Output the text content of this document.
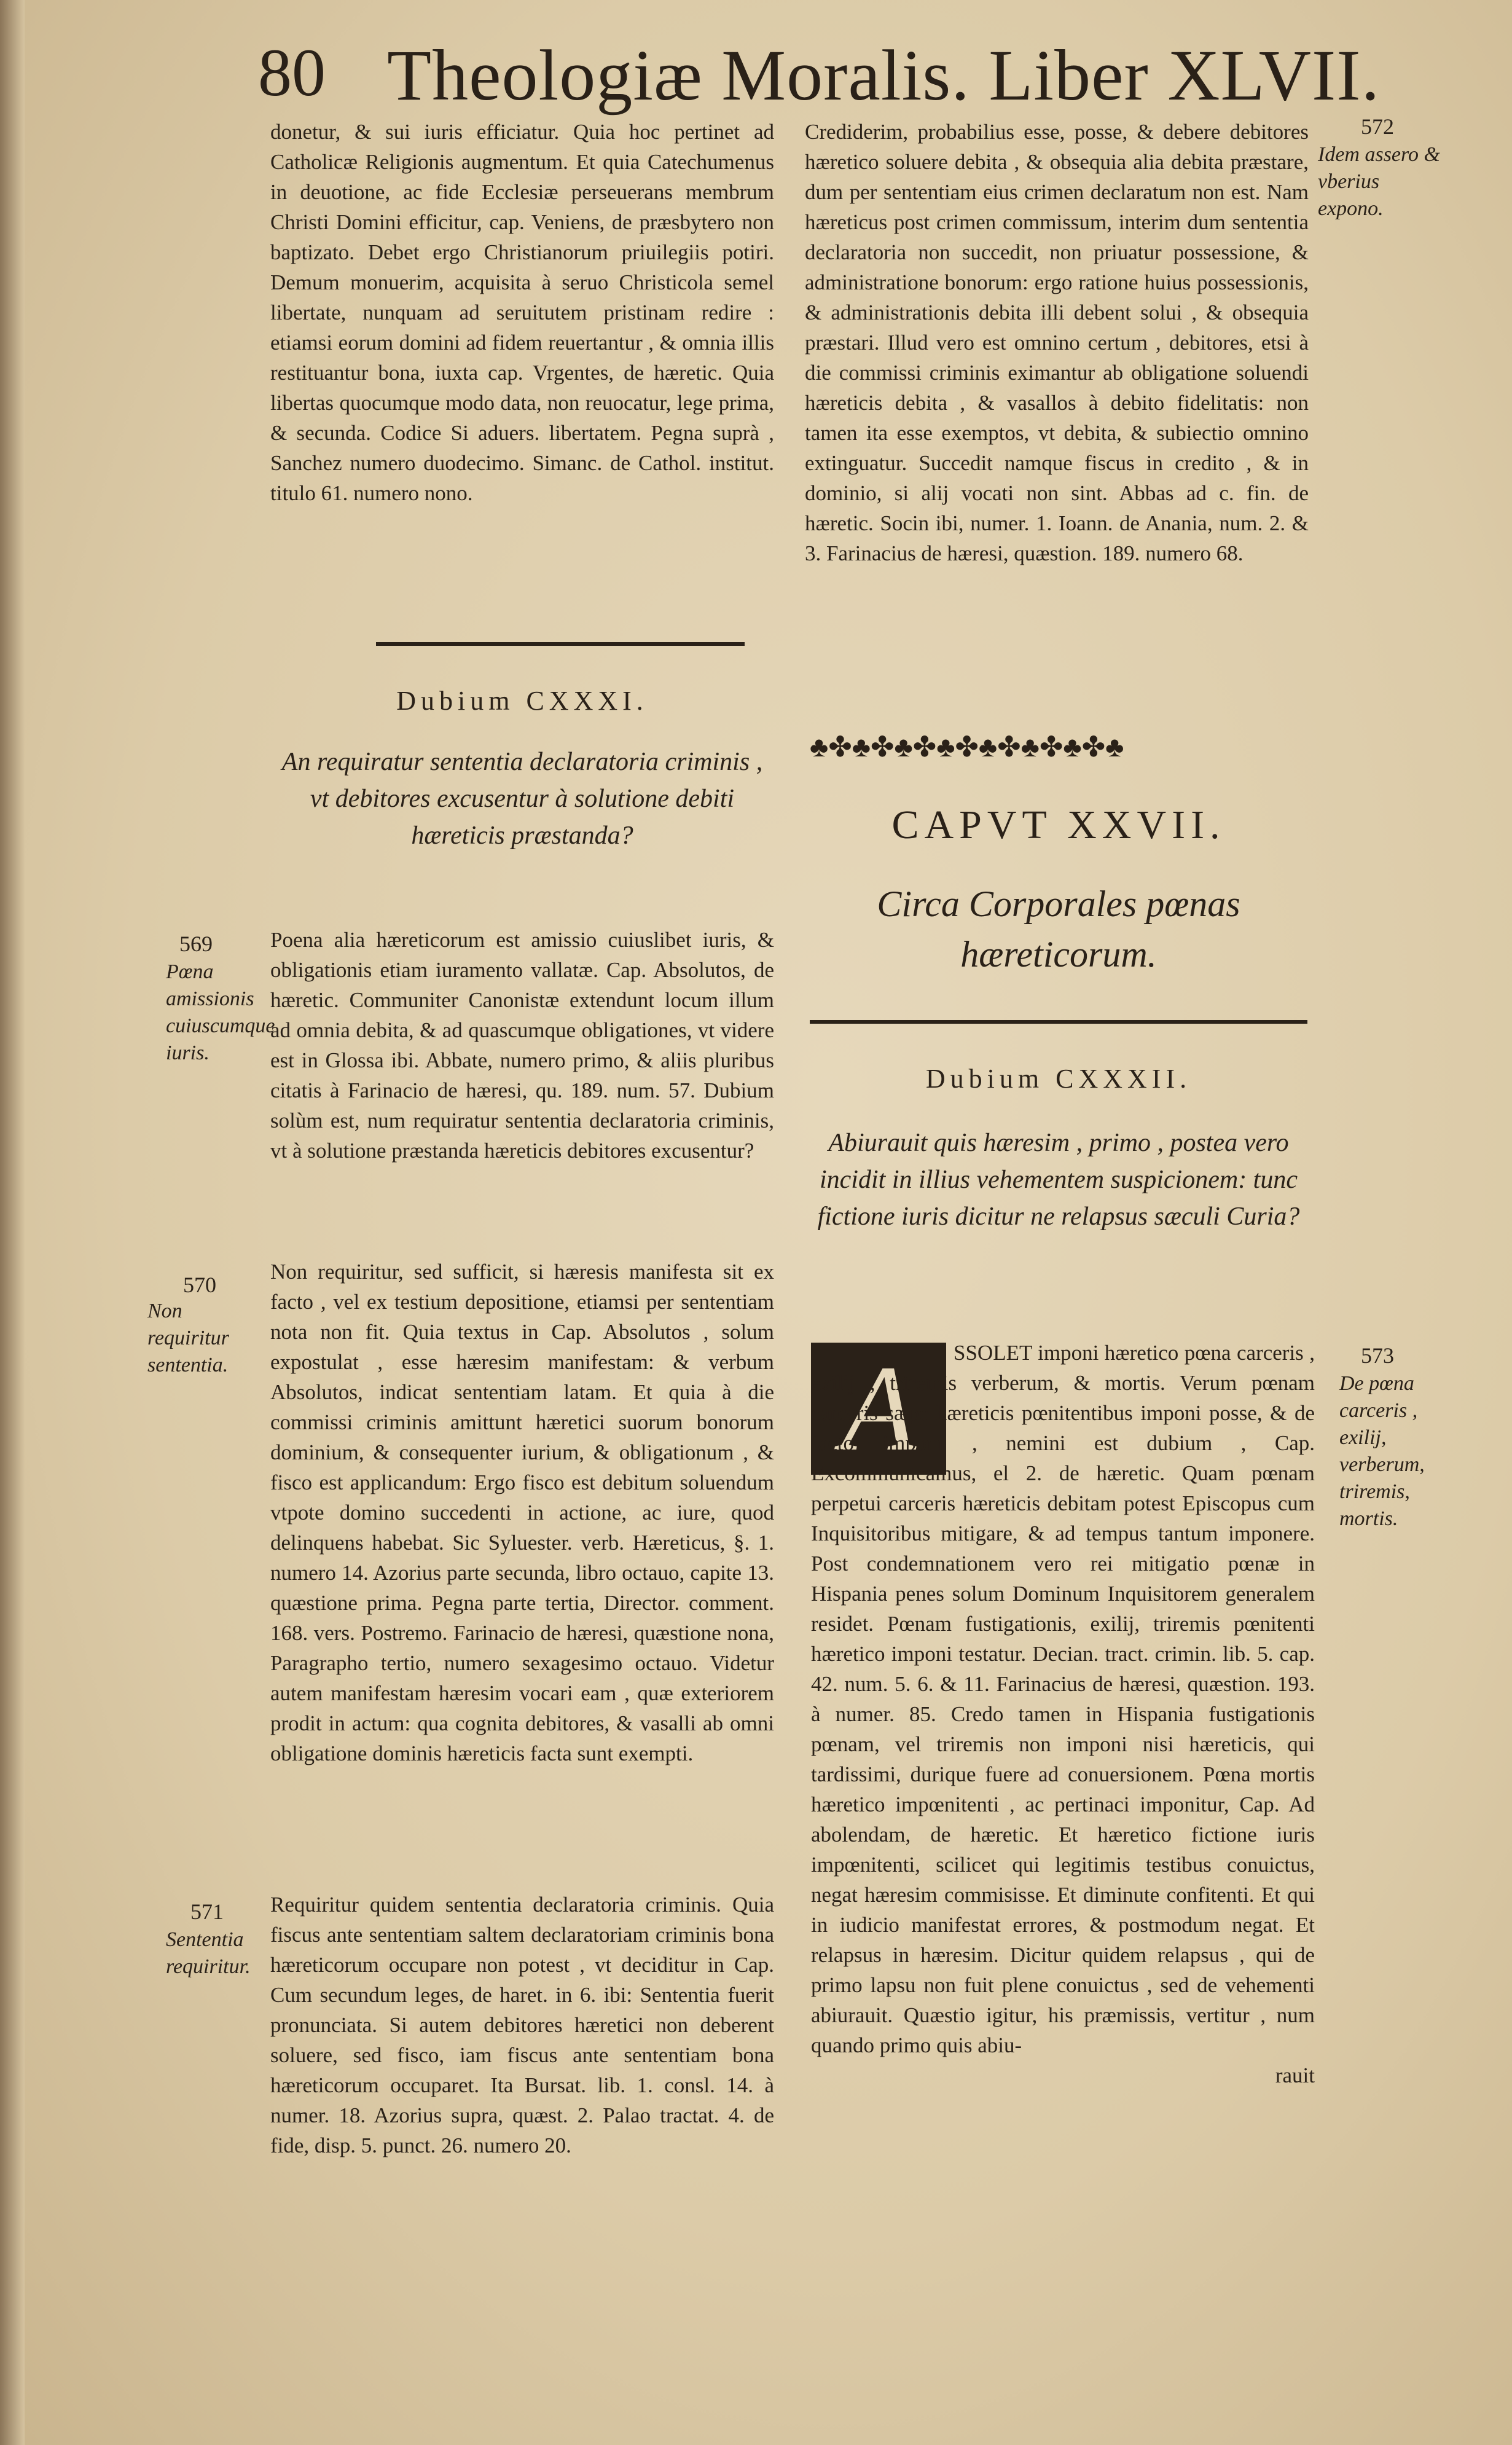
80 Theologiæ Moralis. Liber XLVII.

donetur, & sui iuris efficiatur. Quia hoc pertinet ad Catholicæ Religionis augmentum. Et quia Catechumenus in deuotione, ac fide Ecclesiæ perseuerans membrum Christi Domini efficitur, cap. Veniens, de præsbytero non baptizato. Debet ergo Christianorum priuilegiis potiri. Demum monuerim, acquisita à seruo Christicola semel libertate, nunquam ad seruitutem pristinam redire : etiamsi eorum domini ad fidem reuertantur , & omnia illis restituantur bona, iuxta cap. Vrgentes, de hæretic. Quia libertas quocumque modo data, non reuocatur, lege prima, & secunda. Codice Si aduers. libertatem. Pegna suprà , Sanchez numero duodecimo. Simanc. de Cathol. institut. titulo 61. numero nono.

Dubium CXXXI.
An requiratur sententia declaratoria criminis , vt debitores excusentur à solutione debiti hæreticis præstanda?

Poena alia hæreticorum est amissio cuiuslibet iuris, & obligationis etiam iuramento vallatæ. Cap. Absolutos, de hæretic. Communiter Canonistæ extendunt locum illum ad omnia debita, & ad quascumque obligationes, vt videre est in Glossa ibi. Abbate, numero primo, & aliis pluribus citatis à Farinacio de hæresi, qu. 189. num. 57. Dubium solùm est, num requiratur sententia declaratoria criminis, vt à solutione præstanda hæreticis debitores excusentur?

Non requiritur, sed sufficit, si hæresis manifesta sit ex facto , vel ex testium depositione, etiamsi per sententiam nota non fit. Quia textus in Cap. Absolutos , solum expostulat , esse hæresim manifestam: & verbum Absolutos, indicat sententiam latam. Et quia à die commissi criminis amittunt hæretici suorum bonorum dominium, & consequenter iurium, & obligationum , & fisco est applicandum: Ergo fisco est debitum soluendum vtpote domino succedenti in actione, ac iure, quod delinquens habebat. Sic Syluester. verb. Hæreticus, §. 1. numero 14. Azorius parte secunda, libro octauo, capite 13. quæstione prima. Pegna parte tertia, Director. comment. 168. vers. Postremo. Farinacio de hæresi, quæstione nona, Paragrapho tertio, numero sexagesimo octauo. Videtur autem manifestam hæresim vocari eam , quæ exteriorem prodit in actum: qua cognita debitores, & vasalli ab omni obligatione dominis hæreticis facta sunt exempti.

Requiritur quidem sententia declaratoria criminis. Quia fiscus ante sententiam saltem declaratoriam criminis bona hæreticorum occupare non potest , vt deciditur in Cap. Cum secundum leges, de haret. in 6. ibi: Sententia fuerit pronunciata. Si autem debitores hæretici non deberent soluere, sed fisco, iam fiscus ante sententiam bona hæreticorum occuparet. Ita Bursat. lib. 1. consl. 14. à numer. 18. Azorius supra, quæst. 2. Palao tractat. 4. de fide, disp. 5. punct. 26. numero 20.

569
Pœna amissionis cuiuscumque iuris.
570
Non requiritur sententia.
571
Sententia requiritur.

Crediderim, probabilius esse, posse, & debere debitores hæretico soluere debita , & obsequia alia debita præstare, dum per sententiam eius crimen declaratum non est. Nam hæreticus post crimen commissum, interim dum sententia declaratoria non succedit, non priuatur possessione, & administratione bonorum: ergo ratione huius possessionis, & administrationis debita illi debent solui , & obsequia præstari. Illud vero est omnino certum , debitores, etsi à die commissi criminis eximantur ab obligatione soluendi hæreticis debita , & vasallos à debito fidelitatis: non tamen ita esse exemptos, vt debita, & subiectio omnino extinguatur. Succedit namque fiscus in credito , & in dominio, si alij vocati non sint. Abbas ad c. fin. de hæretic. Socin ibi, numer. 1. Ioann. de Anania, num. 2. & 3. Farinacius de hæresi, quæstion. 189. numero 68.

572
Idem assero & vberius expono.
♣✤♣✤♣✤♣✤♣✤♣✤♣✤♣
CAPVT XXVII.
Circa Corporales pœnas hæreticorum.
Dubium CXXXII.
Abiurauit quis hæresim , primo , postea vero incidit in illius vehementem suspicionem: tunc fictione iuris dicitur ne relapsus sæculi Curia?
A	SSOLET imponi hæretico pœna carceris , exilij , triremis verberum, & mortis. Verum pœnam carceris sæpe hæreticis pœnitentibus imponi posse, & de facto imponi , nemini est dubium , Cap. Excommunicamus, el 2. de hæretic. Quam pœnam perpetui carceris hæreticis debitam potest Episcopus cum Inquisitoribus mitigare, & ad tempus tantum imponere. Post condemnationem vero rei mitigatio pœnæ in Hispania penes solum Dominum Inquisitorem generalem residet. Pœnam fustigationis, exilij, triremis pœnitenti hæretico imponi testatur. Decian. tract. crimin. lib. 5. cap. 42. num. 5. 6. & 11. Farinacius de hæresi, quæstion. 193. à numer. 85. Credo tamen in Hispania fustigationis pœnam, vel triremis non imponi nisi hæreticis, qui tardissimi, durique fuere ad conuersionem. Pœna mortis hæretico impœnitenti , ac pertinaci imponitur, Cap. Ad abolendam, de hæretic. Et hæretico fictione iuris impœnitenti, scilicet qui legitimis testibus conuictus, negat hæresim commisisse. Et diminute confitenti. Et qui in iudicio manifestat errores, & postmodum negat. Et relapsus in hæresim. Dicitur quidem relapsus , qui de primo lapsu non fuit plene conuictus , sed de vehementi abiurauit. Quæstio igitur, his præmissis, vertitur , num quando primo quis abiu-

rauit

573
De pœna carceris , exilij, verberum, triremis, mortis.
